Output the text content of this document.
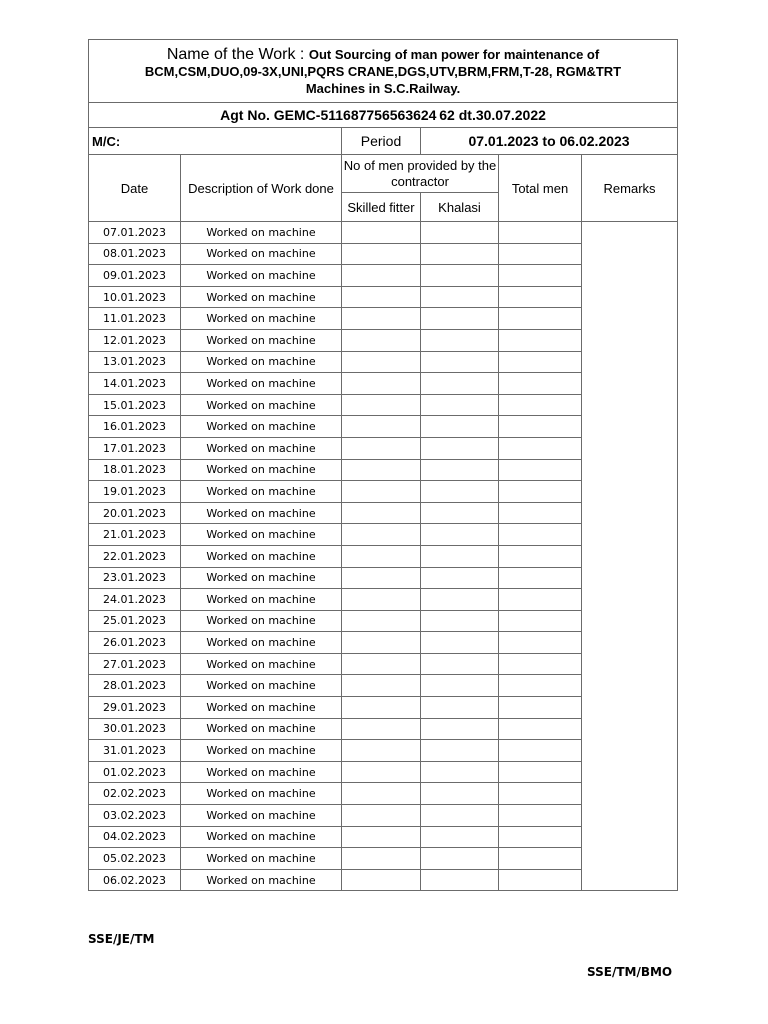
Name of the Work : Out Sourcing of man power for maintenance of
BCM,CSM,DUO,09-3X,UNI,PQRS CRANE,DGS,UTV,BRM,FRM,T-28, RGM&TRT
Machines in S.C.Railway.					
Agt No. GEMC-511687756563624 62 dt.30.07.2022					
M/C:		Period	07.01.2023 to 06.02.2023		
Date	Description of Work done	No of men provided by the contractor		Total men	Remarks
		Skilled fitter	Khalasi		
07.01.2023	Worked on machine				
08.01.2023	Worked on machine				
09.01.2023	Worked on machine				
10.01.2023	Worked on machine				
11.01.2023	Worked on machine				
12.01.2023	Worked on machine				
13.01.2023	Worked on machine				
14.01.2023	Worked on machine				
15.01.2023	Worked on machine				
16.01.2023	Worked on machine				
17.01.2023	Worked on machine				
18.01.2023	Worked on machine				
19.01.2023	Worked on machine				
20.01.2023	Worked on machine				
21.01.2023	Worked on machine				
22.01.2023	Worked on machine				
23.01.2023	Worked on machine				
24.01.2023	Worked on machine				
25.01.2023	Worked on machine				
26.01.2023	Worked on machine				
27.01.2023	Worked on machine				
28.01.2023	Worked on machine				
29.01.2023	Worked on machine				
30.01.2023	Worked on machine				
31.01.2023	Worked on machine				
01.02.2023	Worked on machine				
02.02.2023	Worked on machine				
03.02.2023	Worked on machine				
04.02.2023	Worked on machine				
05.02.2023	Worked on machine				
06.02.2023	Worked on machine				
SSE/JE/TM
SSE/TM/BMO
